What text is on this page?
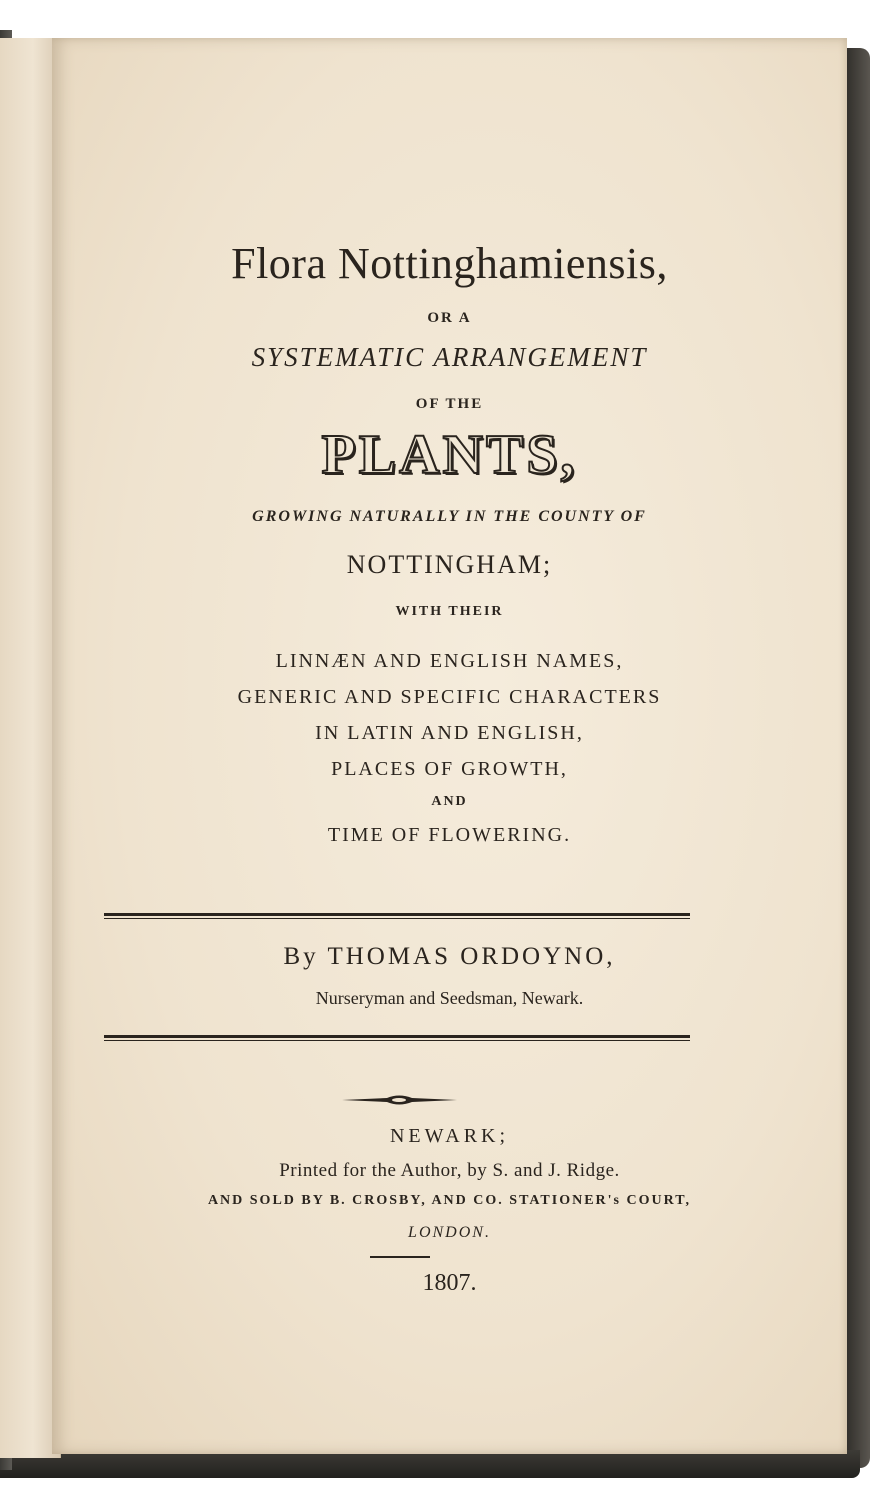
Flora Nottinghamiensis,
OR A
SYSTEMATIC ARRANGEMENT
OF THE
PLANTS,
GROWING NATURALLY IN THE COUNTY OF
NOTTINGHAM;
WITH THEIR
LINNÆN AND ENGLISH NAMES,
GENERIC AND SPECIFIC CHARACTERS
IN LATIN AND ENGLISH,
PLACES OF GROWTH,
AND
TIME OF FLOWERING.
By THOMAS ORDOYNO,
Nurseryman and Seedsman, Newark.
NEWARK;
Printed for the Author, by S. and J. Ridge.
AND SOLD BY B. CROSBY, AND CO. STATIONER's COURT,
LONDON.
1807.
